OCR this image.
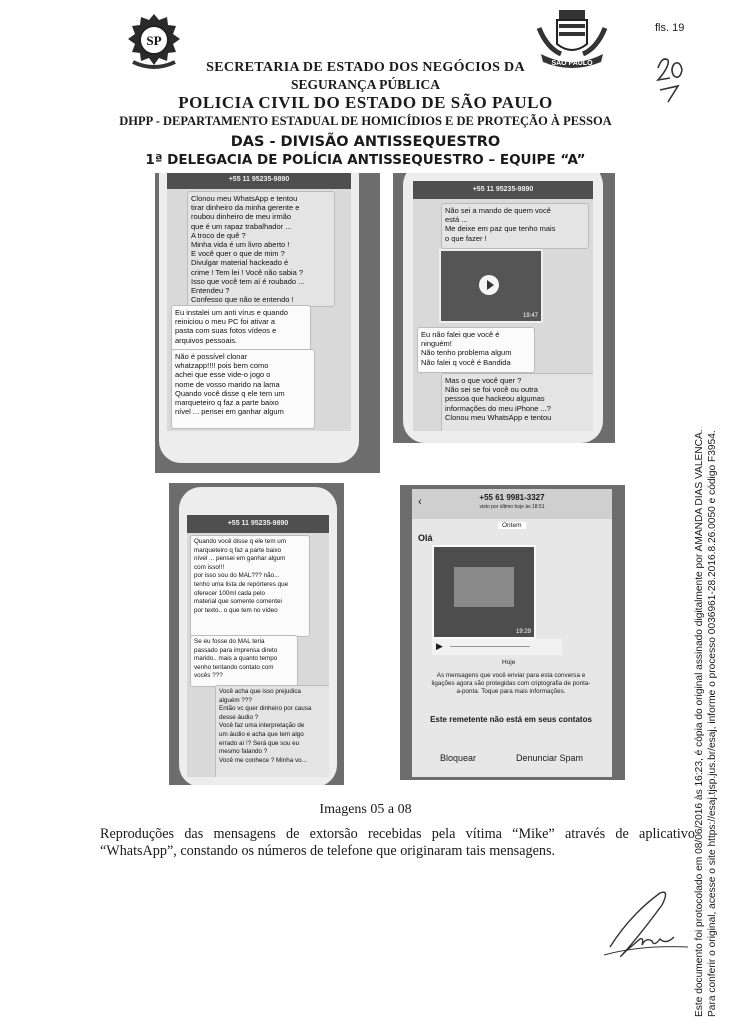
SP
SÃO PAULO
fls. 19
SECRETARIA DE ESTADO DOS NEGÓCIOS DA
SEGURANÇA PÚBLICA
POLICIA CIVIL DO ESTADO DE SÃO PAULO
DHPP - DEPARTAMENTO ESTADUAL DE HOMICÍDIOS E DE PROTEÇÃO À PESSOA
DAS - DIVISÃO ANTISSEQUESTRO
1ª DELEGACIA DE POLÍCIA ANTISSEQUESTRO – EQUIPE “A”
+55 11 95235-9890
Clonou meu WhatsApp e tentou
tirar dinheiro da minha gerente e
roubou dinheiro de meu irmão
que é um rapaz trabalhador ...
A troco de quê ?
Minha vida é um livro aberto !
E você quer o que de mim ?
Divulgar material hackeado é
crime ! Tem lei ! Você não sabia ?
Isso que você tem aí é roubado ...
Entendeu ?
Confesso que não te entendo !
Eu instalei um anti vírus e quando
reiniciou o meu PC foi ativar a
pasta com suas fotos vídeos e
arquivos pessoais.
Não é possível clonar
whatzapp!!!! pois bem como
achei que esse vide-o jogo o
nome de vosso marido na lama
Quando você disse q ele tem um
marqueteiro q faz a parte baixo
nível ... pensei em ganhar algum
+55 11 95235-9890
Não sei a mando de quem você
está ...
Me deixe em paz que tenho mais
o que fazer !
19:47
Eu não falei que você é
ninguém!
Não tenho problema algum
Não falei q você é Bandida
Mas o que você quer ?
Não sei se foi você ou outra
pessoa que hackeou algumas
informações do meu iPhone ...?
Clonou meu WhatsApp e tentou
+55 11 95235-9890
Quando você disse q ele tem um
marqueteiro q faz a parte baixo
nível ... pensei em ganhar algum
com isso!!!
por isso sou do MAL??? não...
tenho uma lista de repórteres que
oferecer 100ml cada pelo
material que somente comentei
por texto.. o que tem no vídeo
Se eu fosse do MAL teria
passado para imprensa direto
marido.. mais a quanto tempo
venho tentando contato com
vocês ???
Você acha que isso prejudica
alguém ???
Então vc quer dinheiro por causa
desse áudio ?
Você faz uma interpretação de
um áudio e acha que tem algo
errado aí !? Será que sou eu
mesmo falando ?
Você me conhece ? Minha vo...
‹	+55 61 9981-3327
visto por último hoje às 18:51
Ontem
Olá
19:29
▶
Hoje
As mensagens que você enviar para esta conversa e ligações agora são protegidas com criptografia de ponta-a-ponta. Toque para mais informações.
Este remetente não está em seus contatos
Bloquear	Denunciar Spam
Imagens 05 a 08
Reproduções das mensagens de extorsão recebidas pela vítima “Mike” através de aplicativo “WhatsApp”, constando os números de telefone que originaram tais mensagens.	Este documento foi protocolado em 08/06/2016 às 16:23, é cópia do original assinado digitalmente por AMANDA DIAS VALENCA. Para conferir o original, acesse o site https://esaj.tjsp.jus.br/esaj, informe o processo 0036961-28.2016.8.26.0050 e código F3954.
